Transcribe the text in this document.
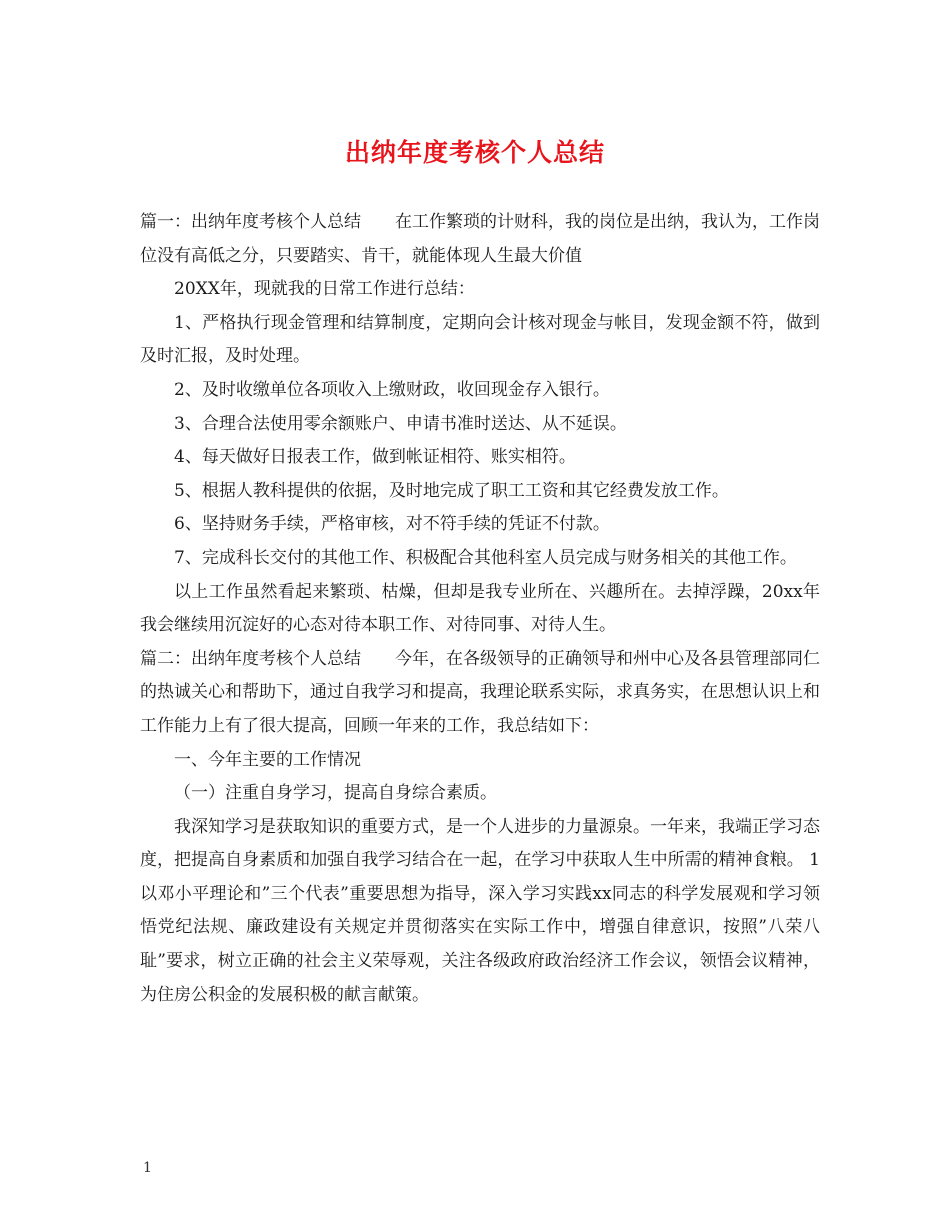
出纳年度考核个人总结

篇一：出纳年度考核个人总结　　在工作繁琐的计财科，我的岗位是出纳，我认为，工作岗位没有高低之分，只要踏实、肯干，就能体现人生最大价值

20XX年，现就我的日常工作进行总结：

1、严格执行现金管理和结算制度，定期向会计核对现金与帐目，发现金额不符，做到及时汇报，及时处理。

2、及时收缴单位各项收入上缴财政，收回现金存入银行。

3、合理合法使用零余额账户、申请书准时送达、从不延误。

4、每天做好日报表工作，做到帐证相符、账实相符。

5、根据人教科提供的依据，及时地完成了职工工资和其它经费发放工作。

6、坚持财务手续，严格审核，对不符手续的凭证不付款。

7、完成科长交付的其他工作、积极配合其他科室人员完成与财务相关的其他工作。

以上工作虽然看起来繁琐、枯燥，但却是我专业所在、兴趣所在。去掉浮躁，20xx年我会继续用沉淀好的心态对待本职工作、对待同事、对待人生。

篇二：出纳年度考核个人总结　　今年，在各级领导的正确领导和州中心及各县管理部同仁的热诚关心和帮助下，通过自我学习和提高，我理论联系实际，求真务实，在思想认识上和工作能力上有了很大提高，回顾一年来的工作，我总结如下：

一、今年主要的工作情况

（一）注重自身学习，提高自身综合素质。

我深知学习是获取知识的重要方式，是一个人进步的力量源泉。一年来，我端正学习态度，把提高自身素质和加强自我学习结合在一起，在学习中获取人生中所需的精神食粮。 1以邓小平理论和”三个代表”重要思想为指导，深入学习实践xx同志的科学发展观和学习领悟党纪法规、廉政建设有关规定并贯彻落实在实际工作中，增强自律意识，按照”八荣八耻”要求，树立正确的社会主义荣辱观，关注各级政府政治经济工作会议，领悟会议精神，为住房公积金的发展积极的献言献策。

1
